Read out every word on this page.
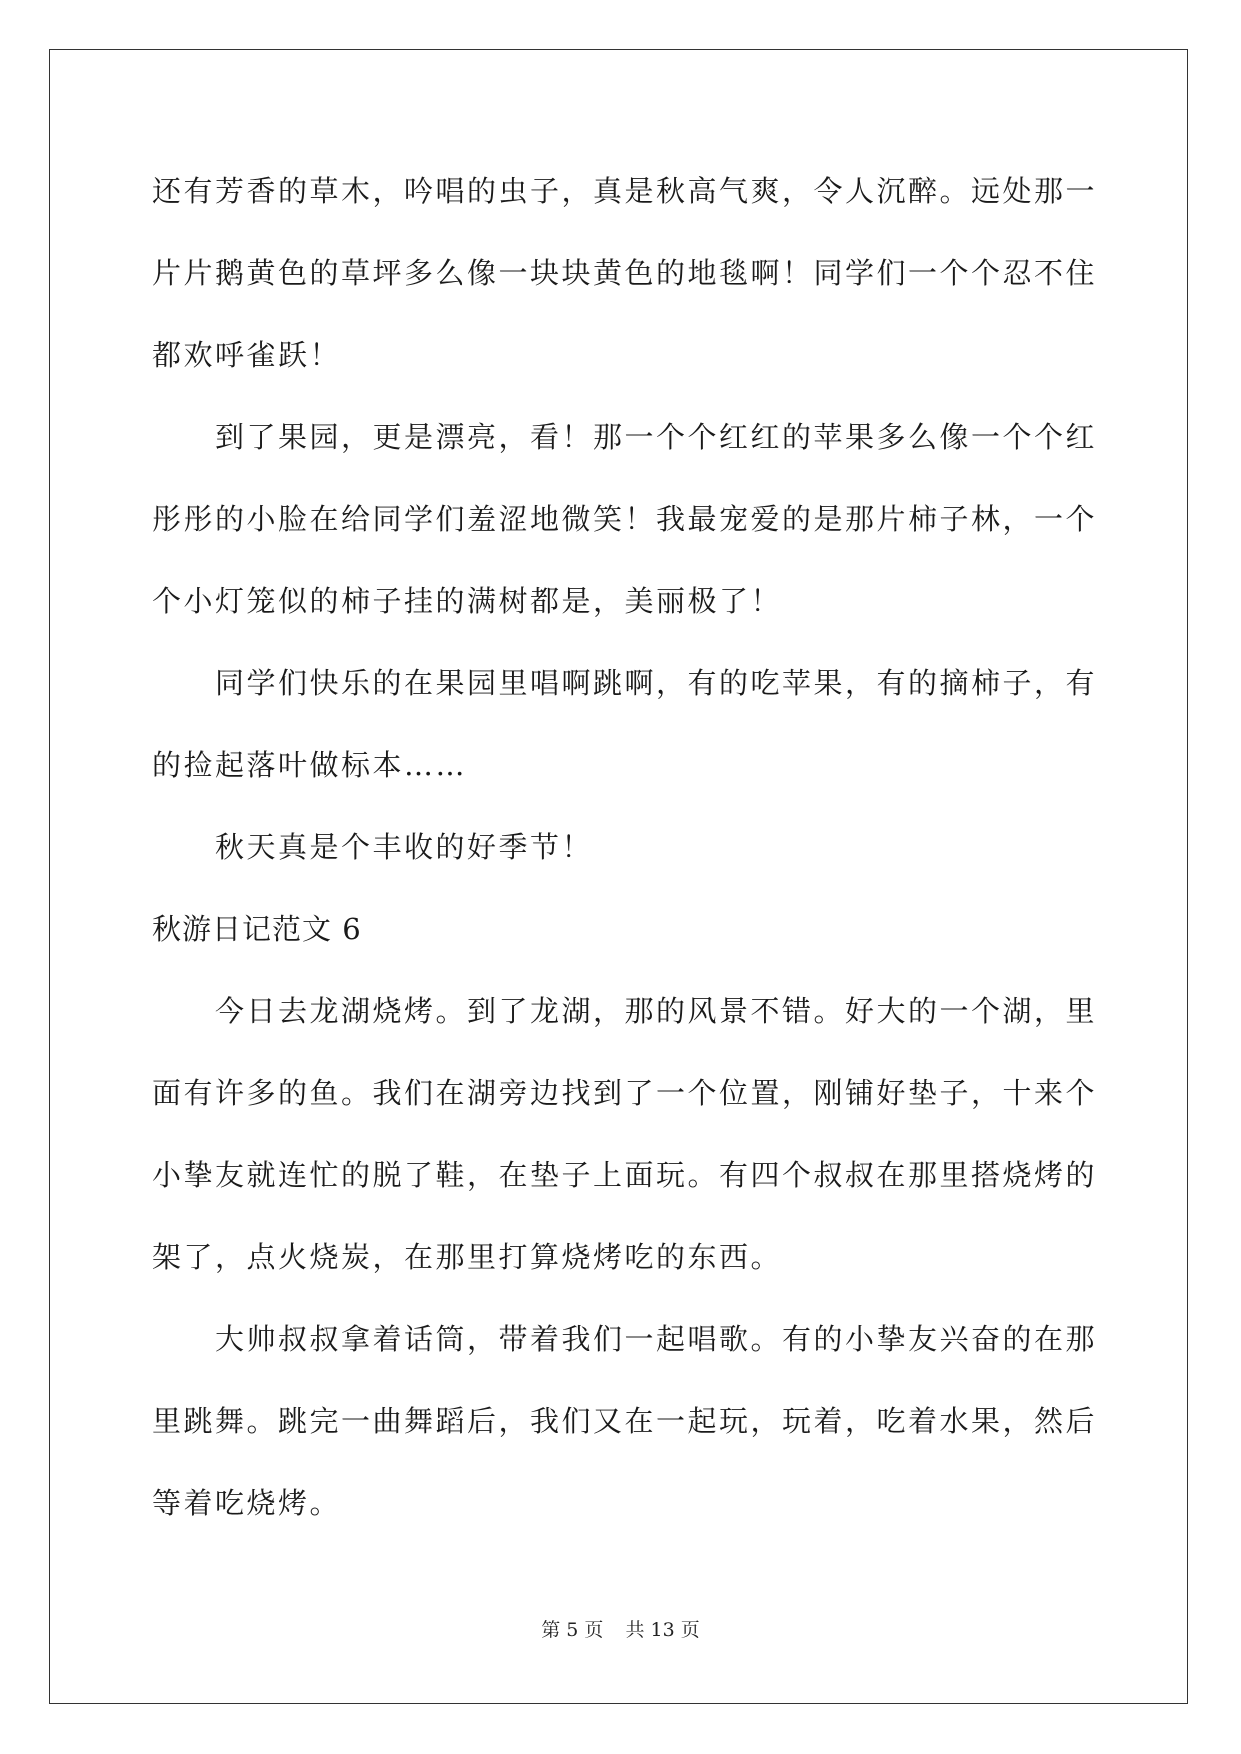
还有芳香的草木，吟唱的虫子，真是秋高气爽，令人沉醉。远处那一
片片鹅黄色的草坪多么像一块块黄色的地毯啊！同学们一个个忍不住
都欢呼雀跃！
到了果园，更是漂亮，看！那一个个红红的苹果多么像一个个红
彤彤的小脸在给同学们羞涩地微笑！我最宠爱的是那片柿子林，一个
个小灯笼似的柿子挂的满树都是，美丽极了！
同学们快乐的在果园里唱啊跳啊，有的吃苹果，有的摘柿子，有
的捡起落叶做标本……
秋天真是个丰收的好季节！
秋游日记范文 6
今日去龙湖烧烤。到了龙湖，那的风景不错。好大的一个湖，里
面有许多的鱼。我们在湖旁边找到了一个位置，刚铺好垫子，十来个
小挚友就连忙的脱了鞋，在垫子上面玩。有四个叔叔在那里搭烧烤的
架了，点火烧炭，在那里打算烧烤吃的东西。
大帅叔叔拿着话筒，带着我们一起唱歌。有的小挚友兴奋的在那
里跳舞。跳完一曲舞蹈后，我们又在一起玩，玩着，吃着水果，然后
等着吃烧烤。
第 5 页 共 13 页
